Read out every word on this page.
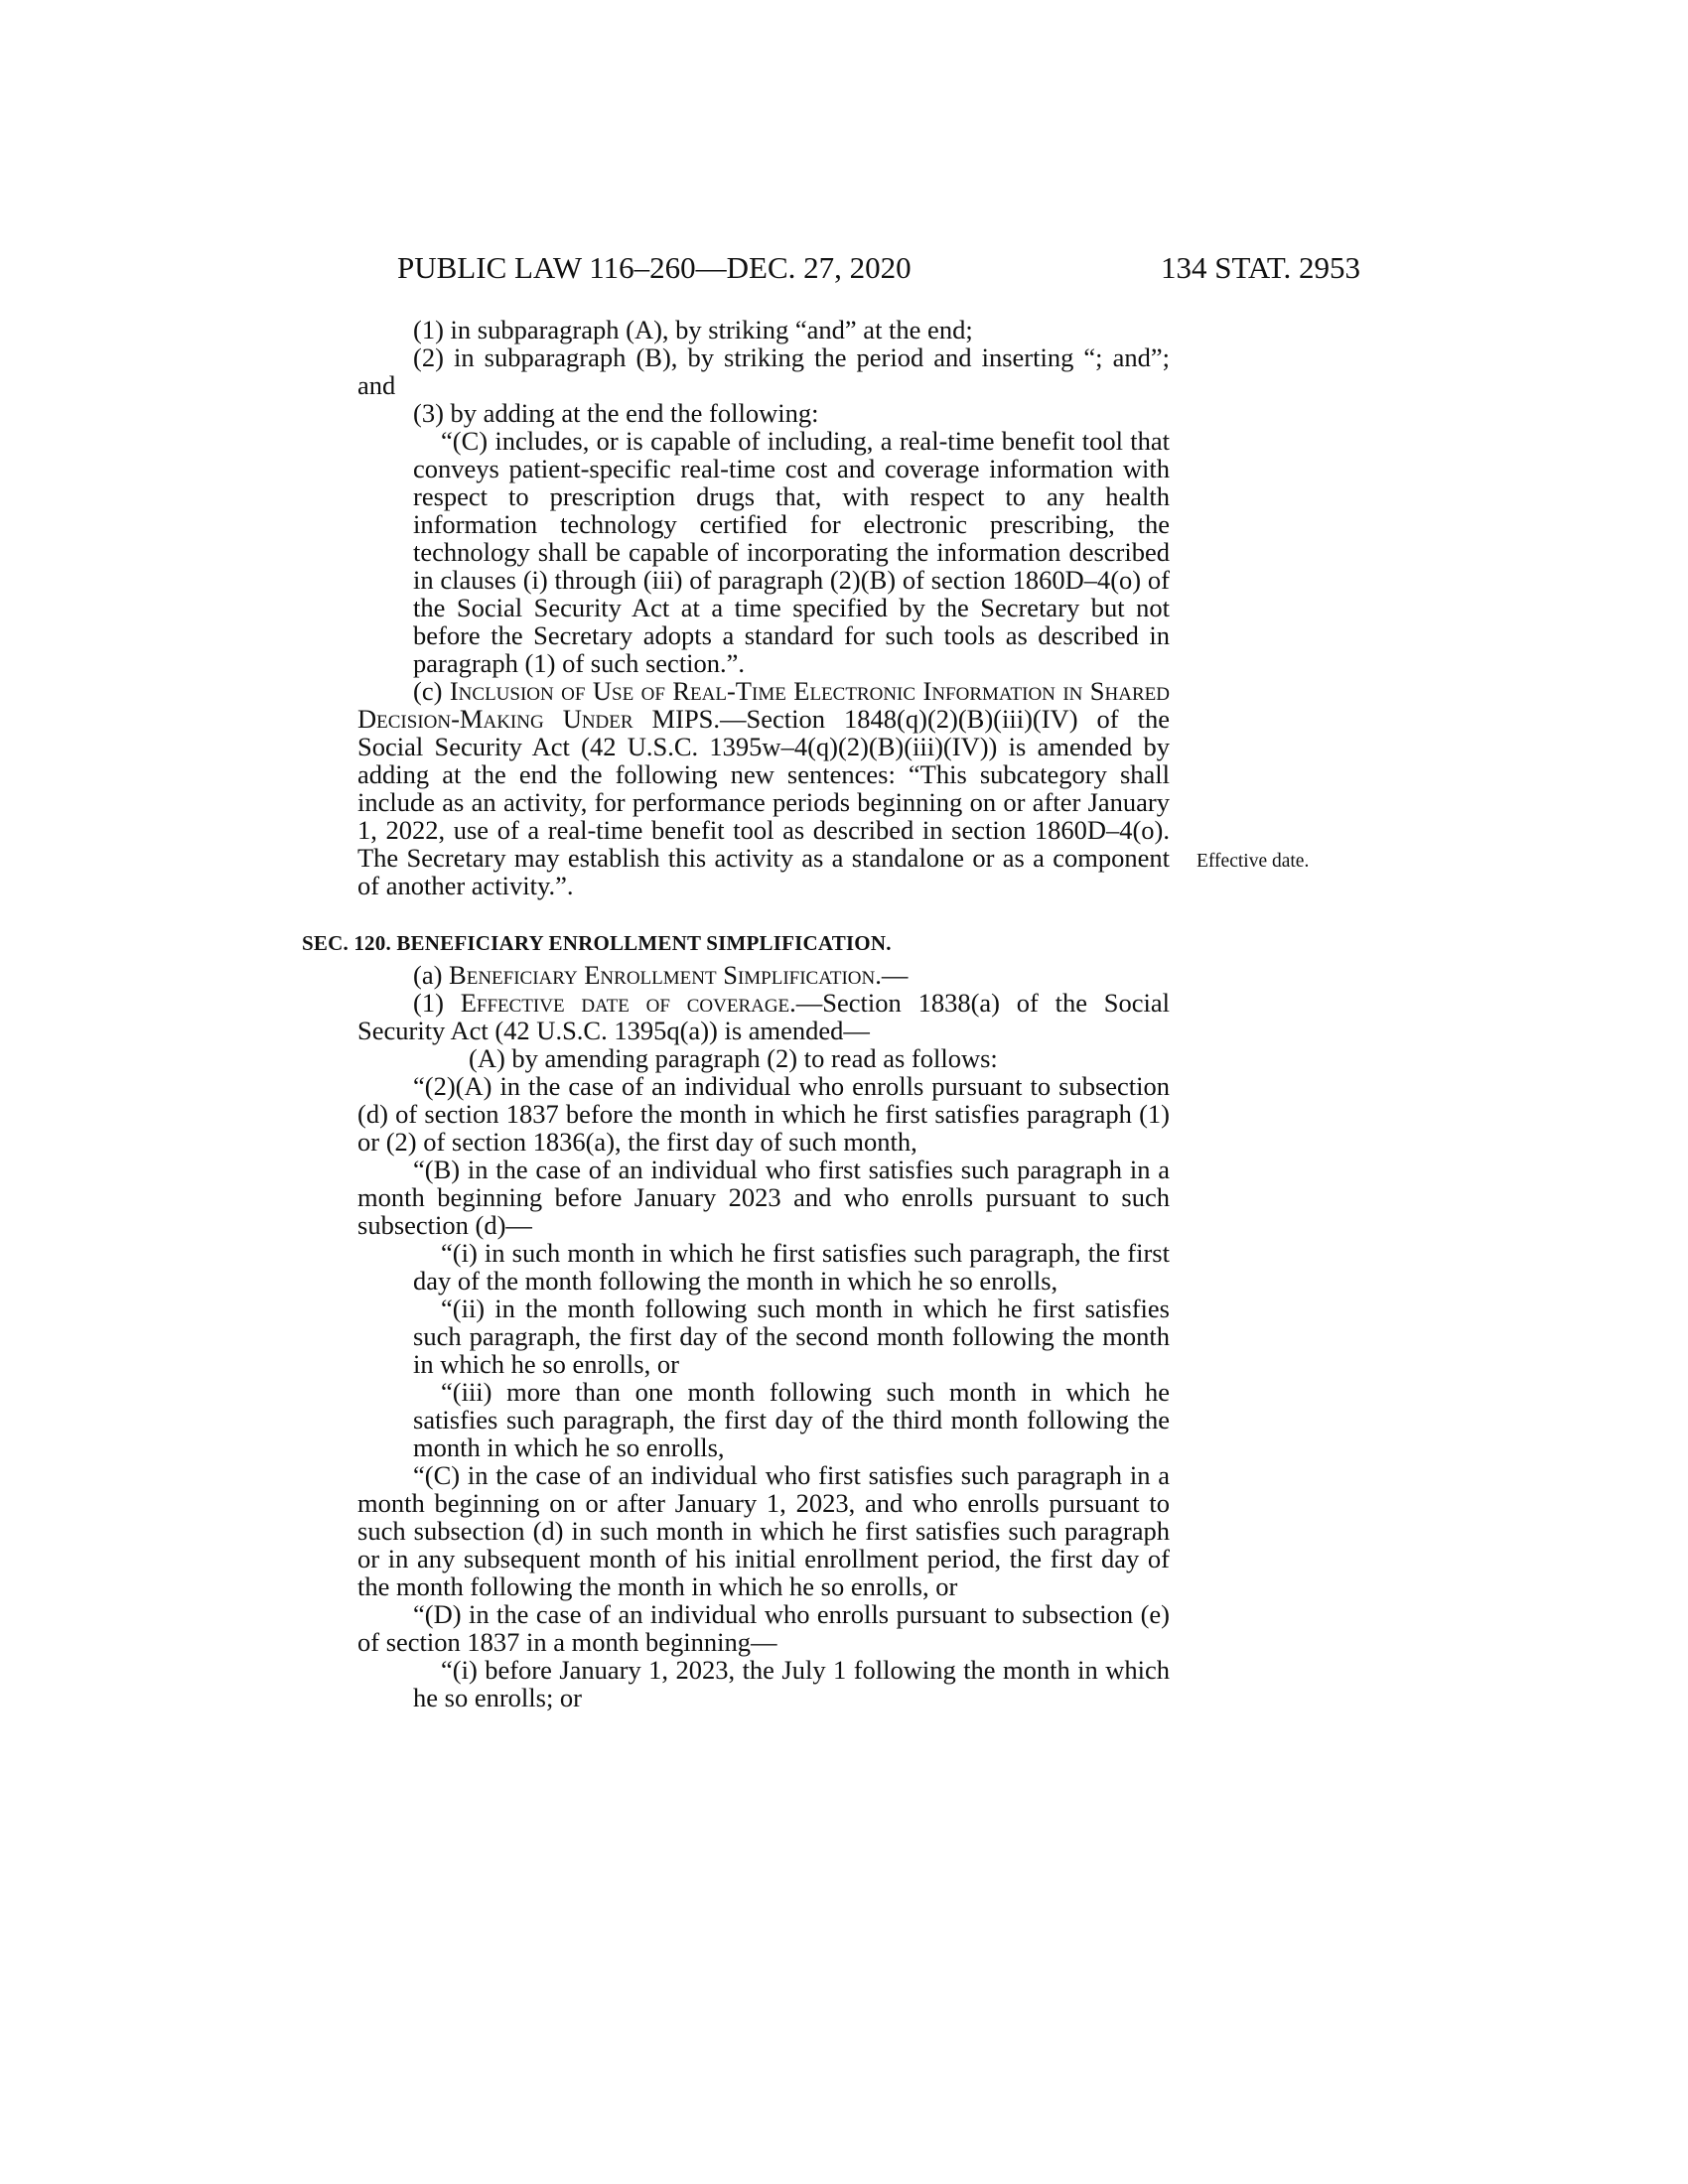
PUBLIC LAW 116–260—DEC. 27, 2020	134 STAT. 2953
Effective date.

(1) in subparagraph (A), by striking “and” at the end;

(2) in subparagraph (B), by striking the period and inserting “; and”; and

(3) by adding at the end the following:

“(C) includes, or is capable of including, a real-time benefit tool that conveys patient-specific real-time cost and coverage information with respect to prescription drugs that, with respect to any health information technology certified for electronic prescribing, the technology shall be capable of incorporating the information described in clauses (i) through (iii) of paragraph (2)(B) of section 1860D–4(o) of the Social Security Act at a time specified by the Secretary but not before the Secretary adopts a standard for such tools as described in paragraph (1) of such section.”.

(c) Inclusion of Use of Real-Time Electronic Information in Shared Decision-Making Under MIPS.—Section 1848(q)(2)(B)(iii)(IV) of the Social Security Act (42 U.S.C. 1395w–4(q)(2)(B)(iii)(IV)) is amended by adding at the end the following new sentences: “This subcategory shall include as an activity, for performance periods beginning on or after January 1, 2022, use of a real-time benefit tool as described in section 1860D–4(o). The Secretary may establish this activity as a standalone or as a component of another activity.”.

SEC. 120. BENEFICIARY ENROLLMENT SIMPLIFICATION.

(a) Beneficiary Enrollment Simplification.—

(1) Effective date of coverage.—Section 1838(a) of the Social Security Act (42 U.S.C. 1395q(a)) is amended—

(A) by amending paragraph (2) to read as follows:

“(2)(A) in the case of an individual who enrolls pursuant to subsection (d) of section 1837 before the month in which he first satisfies paragraph (1) or (2) of section 1836(a), the first day of such month,

“(B) in the case of an individual who first satisfies such paragraph in a month beginning before January 2023 and who enrolls pursuant to such subsection (d)—

“(i) in such month in which he first satisfies such paragraph, the first day of the month following the month in which he so enrolls,

“(ii) in the month following such month in which he first satisfies such paragraph, the first day of the second month following the month in which he so enrolls, or

“(iii) more than one month following such month in which he satisfies such paragraph, the first day of the third month following the month in which he so enrolls,

“(C) in the case of an individual who first satisfies such paragraph in a month beginning on or after January 1, 2023, and who enrolls pursuant to such subsection (d) in such month in which he first satisfies such paragraph or in any subsequent month of his initial enrollment period, the first day of the month following the month in which he so enrolls, or

“(D) in the case of an individual who enrolls pursuant to subsection (e) of section 1837 in a month beginning—

“(i) before January 1, 2023, the July 1 following the month in which he so enrolls; or
